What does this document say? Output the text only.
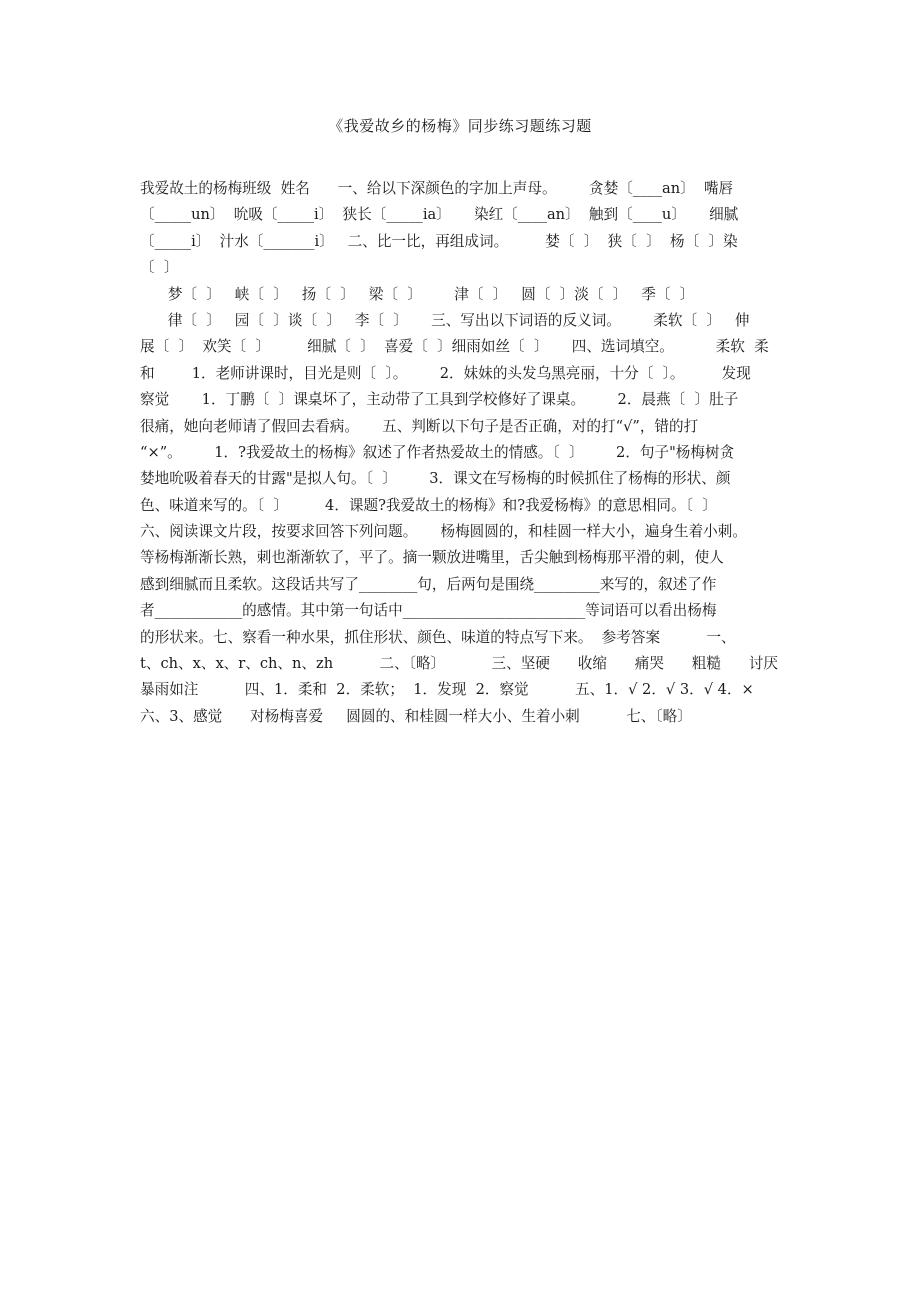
《我爱故乡的杨梅》同步练习题练习题
我爱故土的杨梅班级  姓名      一、给以下深颜色的字加上声母。       贪婪〔____an〕  嘴唇
〔_____un〕  吮吸〔_____i〕  狭长〔_____ia〕     染红〔____an〕  触到〔____u〕     细腻
〔_____i〕  汁水〔_______i〕   二、比一比，再组成词。        婪〔  〕  狭〔  〕  杨〔  〕染
〔  〕
梦〔  〕   峡〔  〕   扬〔  〕   梁〔  〕       津〔  〕   圆〔  〕淡〔  〕   季〔  〕
律〔  〕   园〔  〕谈〔  〕   李〔  〕     三、写出以下词语的反义词。       柔软〔  〕   伸
展〔  〕  欢笑〔  〕        细腻〔  〕  喜爱〔  〕细雨如丝〔  〕     四、选词填空。         柔软  柔
和        1．老师讲课时，目光是则〔  〕。       2．妹妹的头发乌黑亮丽，十分〔  〕。        发现
察觉       1．丁鹏〔  〕课桌坏了，主动带了工具到学校修好了课桌。       2．晨燕〔  〕肚子
很痛，她向老师请了假回去看病。     五、判断以下句子是否正确，对的打“√”，错的打
“×”。       1．?我爱故土的杨梅》叙述了作者热爱故土的情感。〔  〕       2．句子"杨梅树贪
婪地吮吸着春天的甘露"是拟人句。〔  〕       3．课文在写杨梅的时候抓住了杨梅的形状、颜
色、味道来写的。〔  〕        4．课题?我爱故土的杨梅》和?我爱杨梅》的意思相同。〔  〕
六、阅读课文片段，按要求回答下列问题。     杨梅圆圆的，和桂圆一样大小，遍身生着小刺。
等杨梅渐渐长熟，刺也渐渐软了，平了。摘一颗放进嘴里，舌尖触到杨梅那平滑的刺，使人
感到细腻而且柔软。这段话共写了________句，后两句是围绕_________来写的，叙述了作
者____________的感情。其中第一句话中_________________________等词语可以看出杨梅
的形状来。七、察看一种水果，抓住形状、颜色、味道的特点写下来。  参考答案          一、
t、ch、x、x、r、ch、n、zh          二、〔略〕          三、坚硬      收缩      痛哭      粗糙      讨厌
暴雨如注          四、1．柔和  2．柔软；  1．发现  2．察觉          五、1．√ 2．√ 3．√ 4．×
六、3、感觉      对杨梅喜爱     圆圆的、和桂圆一样大小、生着小刺          七、〔略〕
